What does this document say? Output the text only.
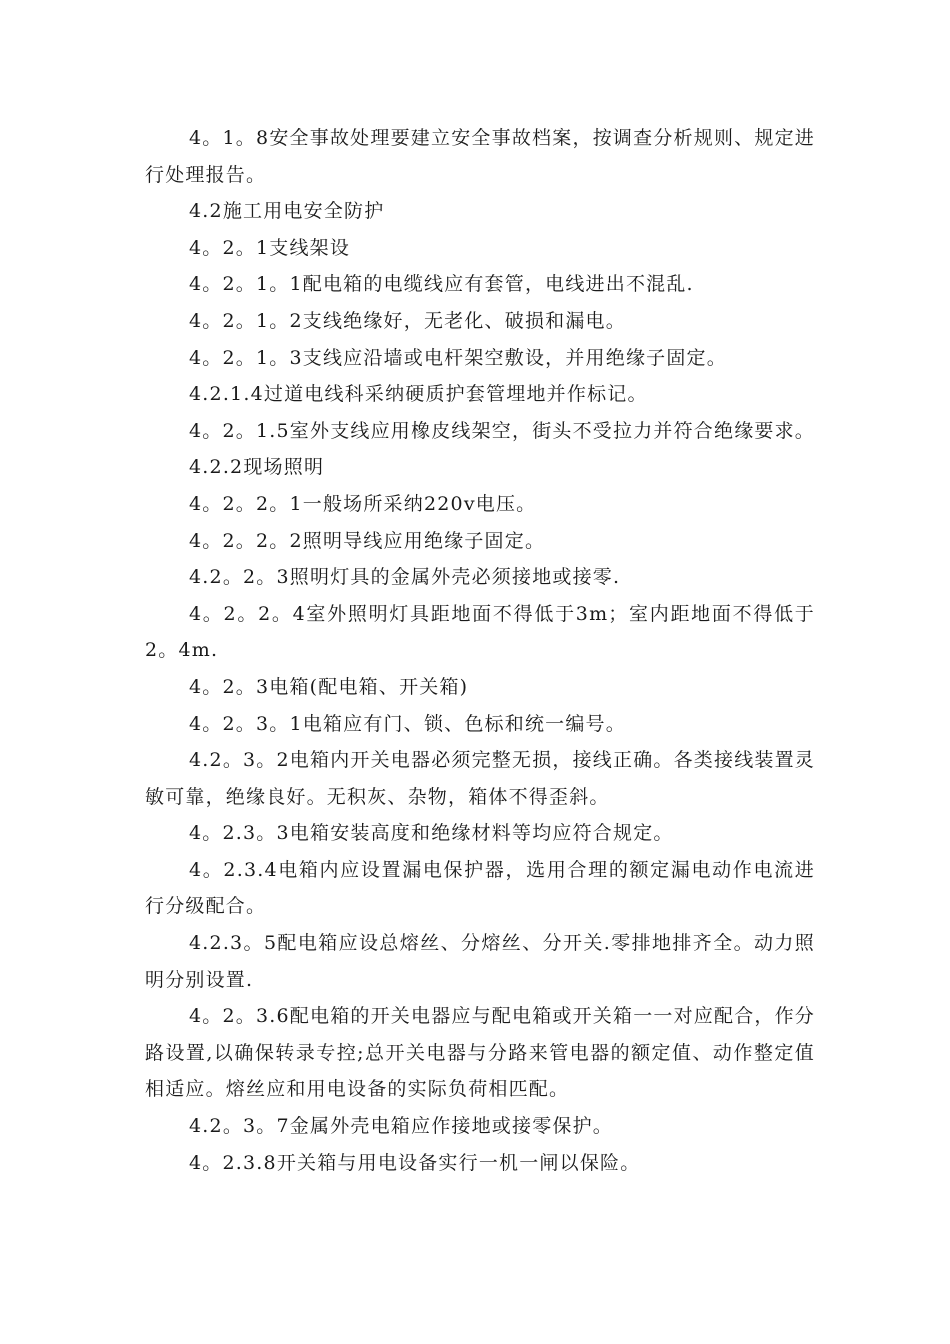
4。1。8安全事故处理要建立安全事故档案，按调查分析规则、规定进行处理报告。

4.2施工用电安全防护

4。2。1支线架设

4。2。1。1配电箱的电缆线应有套管，电线进出不混乱.

4。2。1。2支线绝缘好，无老化、破损和漏电。

4。2。1。3支线应沿墙或电杆架空敷设，并用绝缘子固定。

4.2.1.4过道电线科采纳硬质护套管埋地并作标记。

4。2。1.5室外支线应用橡皮线架空，街头不受拉力并符合绝缘要求。

4.2.2现场照明

4。2。2。1一般场所采纳220v电压。

4。2。2。2照明导线应用绝缘子固定。

4.2。2。3照明灯具的金属外壳必须接地或接零.

4。2。2。4室外照明灯具距地面不得低于3m；室内距地面不得低于2。4m.

4。2。3电箱(配电箱、开关箱)

4。2。3。1电箱应有门、锁、色标和统一编号。

4.2。3。2电箱内开关电器必须完整无损，接线正确。各类接线装置灵敏可靠，绝缘良好。无积灰、杂物，箱体不得歪斜。

4。2.3。3电箱安装高度和绝缘材料等均应符合规定。

4。2.3.4电箱内应设置漏电保护器，选用合理的额定漏电动作电流进行分级配合。

4.2.3。5配电箱应设总熔丝、分熔丝、分开关.零排地排齐全。动力照明分别设置.

4。2。3.6配电箱的开关电器应与配电箱或开关箱一一对应配合，作分路设置,以确保转录专控;总开关电器与分路来管电器的额定值、动作整定值相适应。熔丝应和用电设备的实际负荷相匹配。

4.2。3。7金属外壳电箱应作接地或接零保护。

4。2.3.8开关箱与用电设备实行一机一闸以保险。
